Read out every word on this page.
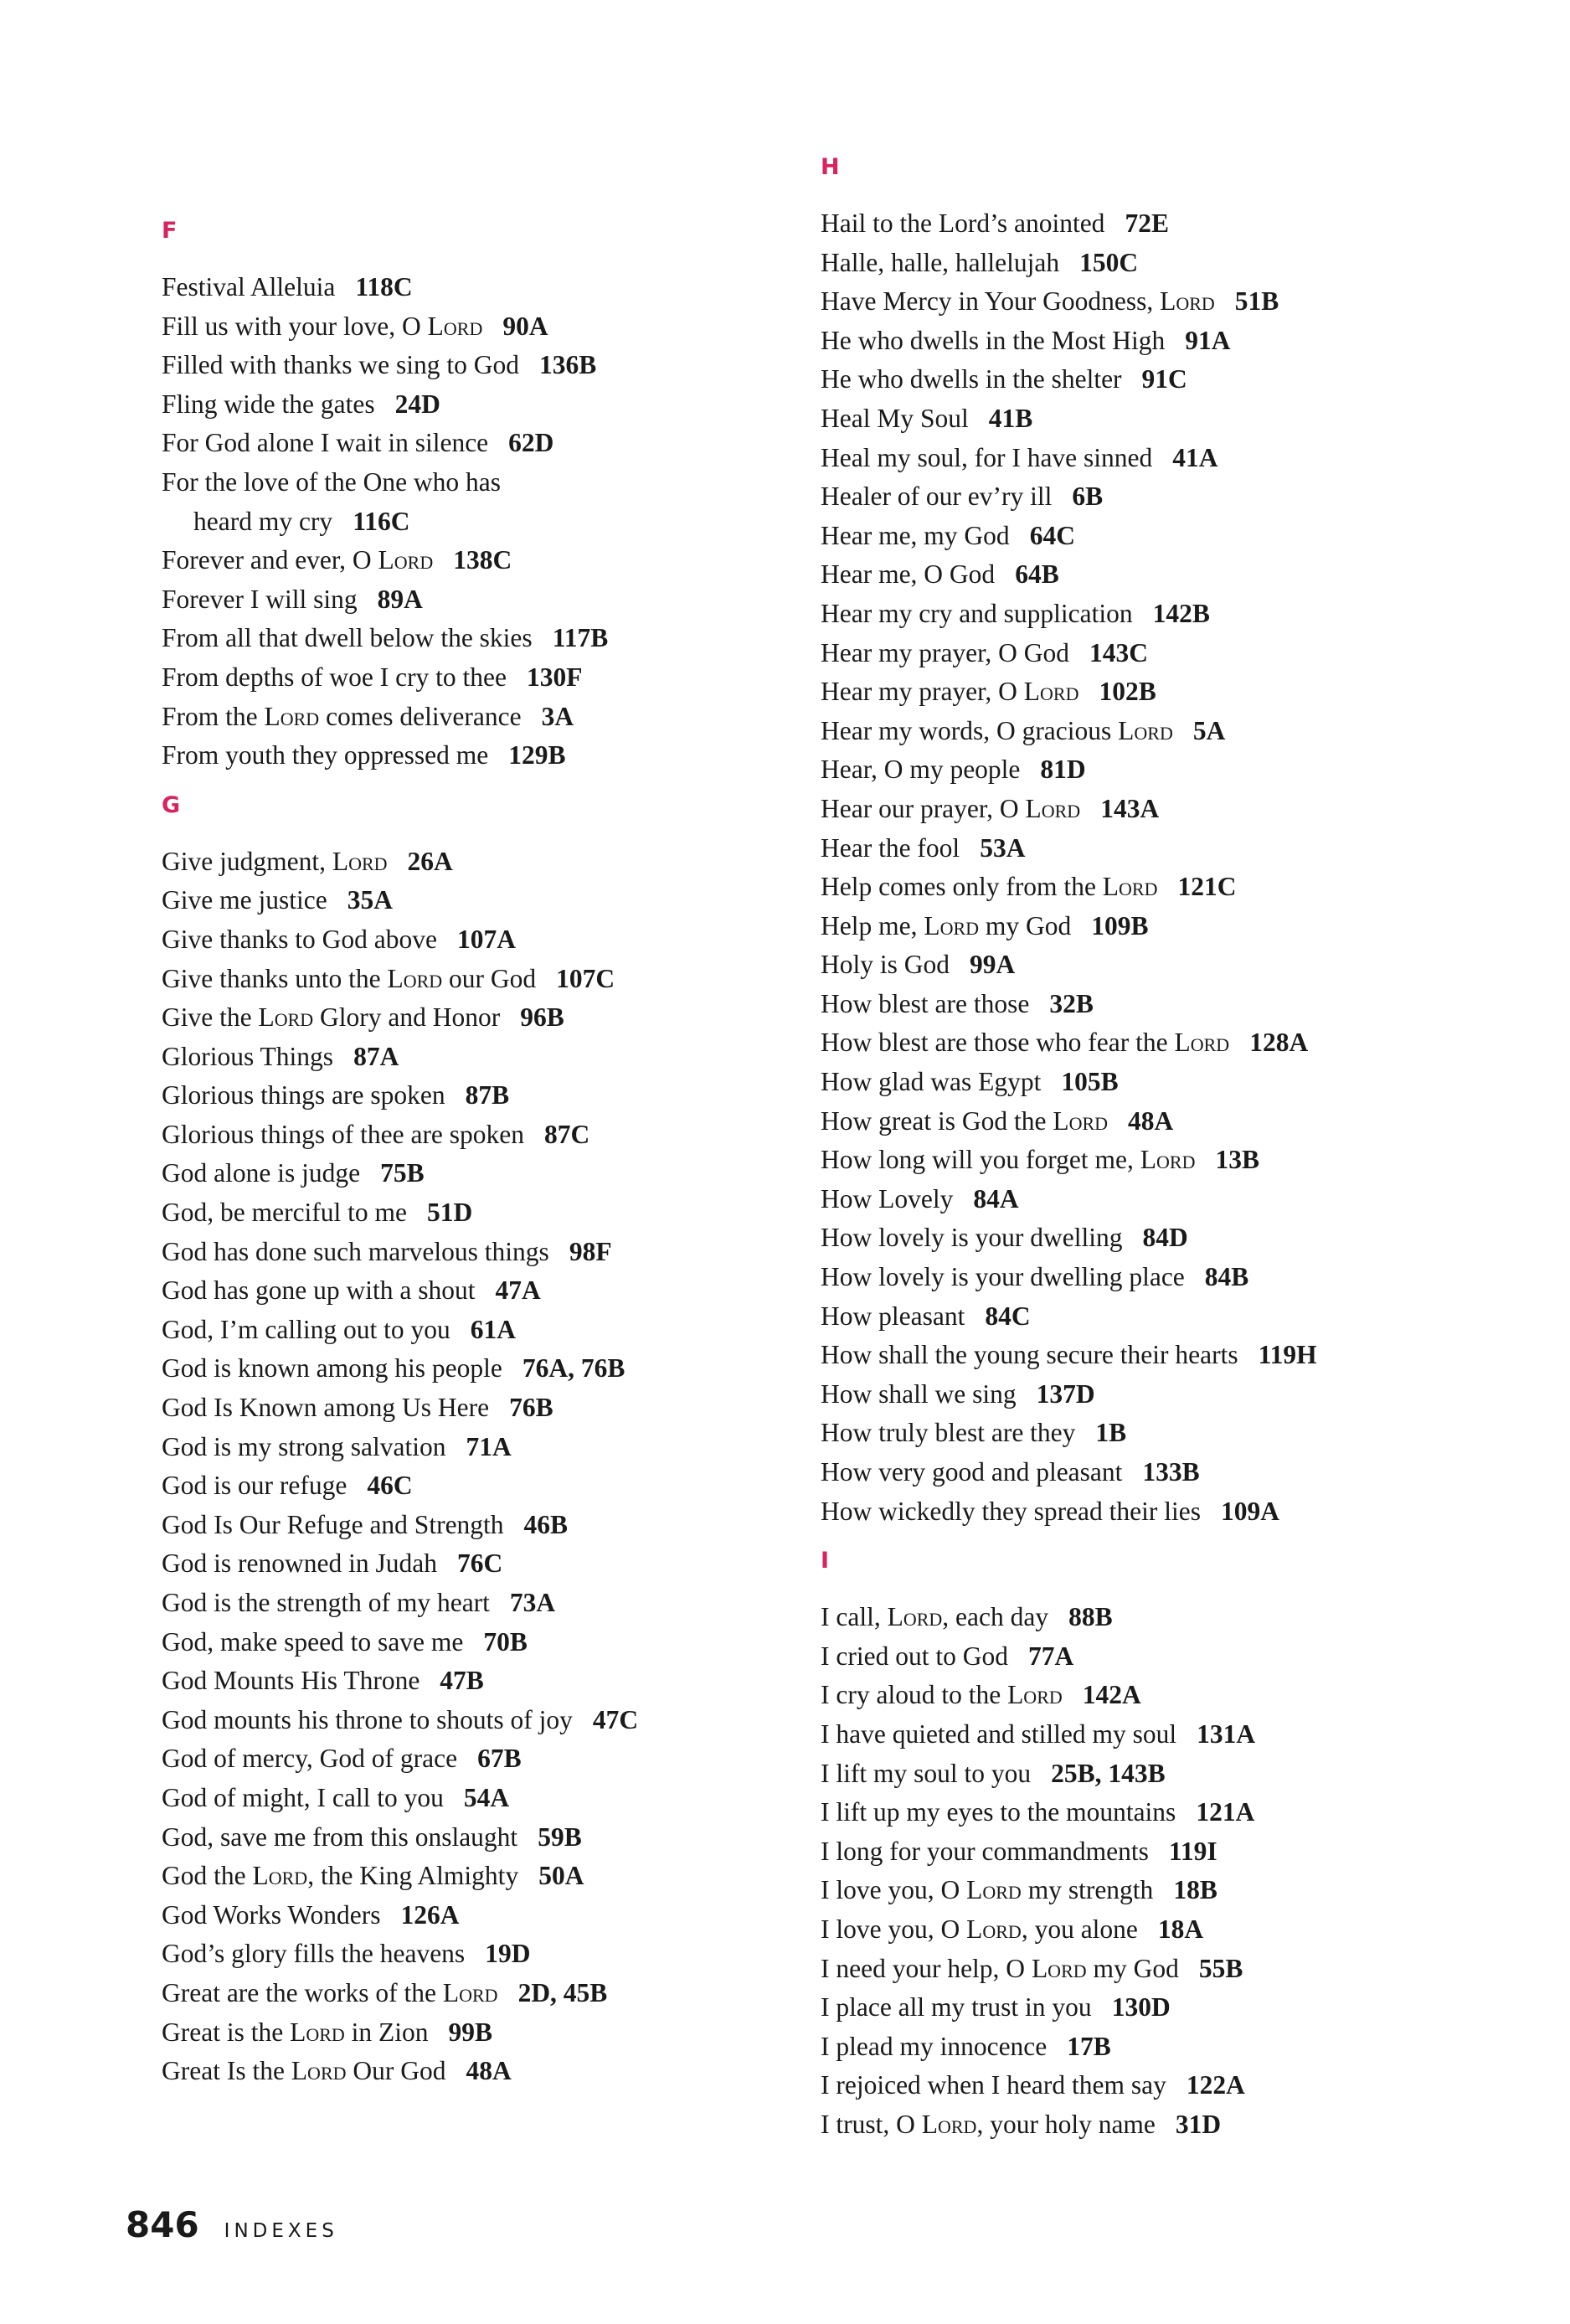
F
Festival Alleluia 118C
Fill us with your love, O Lord 90A
Filled with thanks we sing to God 136B
Fling wide the gates 24D
For God alone I wait in silence 62D
For the love of the One who has
heard my cry 116C
Forever and ever, O Lord 138C
Forever I will sing 89A
From all that dwell below the skies 117B
From depths of woe I cry to thee 130F
From the Lord comes deliverance 3A
From youth they oppressed me 129B
G
Give judgment, Lord 26A
Give me justice 35A
Give thanks to God above 107A
Give thanks unto the Lord our God 107C
Give the Lord Glory and Honor 96B
Glorious Things 87A
Glorious things are spoken 87B
Glorious things of thee are spoken 87C
God alone is judge 75B
God, be merciful to me 51D
God has done such marvelous things 98F
God has gone up with a shout 47A
God, I’m calling out to you 61A
God is known among his people 76A, 76B
God Is Known among Us Here 76B
God is my strong salvation 71A
God is our refuge 46C
God Is Our Refuge and Strength 46B
God is renowned in Judah 76C
God is the strength of my heart 73A
God, make speed to save me 70B
God Mounts His Throne 47B
God mounts his throne to shouts of joy 47C
God of mercy, God of grace 67B
God of might, I call to you 54A
God, save me from this onslaught 59B
God the Lord, the King Almighty 50A
God Works Wonders 126A
God’s glory fills the heavens 19D
Great are the works of the Lord 2D, 45B
Great is the Lord in Zion 99B
Great Is the Lord Our God 48A
H
Hail to the Lord’s anointed 72E
Halle, halle, hallelujah 150C
Have Mercy in Your Goodness, Lord 51B
He who dwells in the Most High 91A
He who dwells in the shelter 91C
Heal My Soul 41B
Heal my soul, for I have sinned 41A
Healer of our ev’ry ill 6B
Hear me, my God 64C
Hear me, O God 64B
Hear my cry and supplication 142B
Hear my prayer, O God 143C
Hear my prayer, O Lord 102B
Hear my words, O gracious Lord 5A
Hear, O my people 81D
Hear our prayer, O Lord 143A
Hear the fool 53A
Help comes only from the Lord 121C
Help me, Lord my God 109B
Holy is God 99A
How blest are those 32B
How blest are those who fear the Lord 128A
How glad was Egypt 105B
How great is God the Lord 48A
How long will you forget me, Lord 13B
How Lovely 84A
How lovely is your dwelling 84D
How lovely is your dwelling place 84B
How pleasant 84C
How shall the young secure their hearts 119H
How shall we sing 137D
How truly blest are they 1B
How very good and pleasant 133B
How wickedly they spread their lies 109A
I
I call, Lord, each day 88B
I cried out to God 77A
I cry aloud to the Lord 142A
I have quieted and stilled my soul 131A
I lift my soul to you 25B, 143B
I lift up my eyes to the mountains 121A
I long for your commandments 119I
I love you, O Lord my strength 18B
I love you, O Lord, you alone 18A
I need your help, O Lord my God 55B
I place all my trust in you 130D
I plead my innocence 17B
I rejoiced when I heard them say 122A
I trust, O Lord, your holy name 31D
846 INDEXES
